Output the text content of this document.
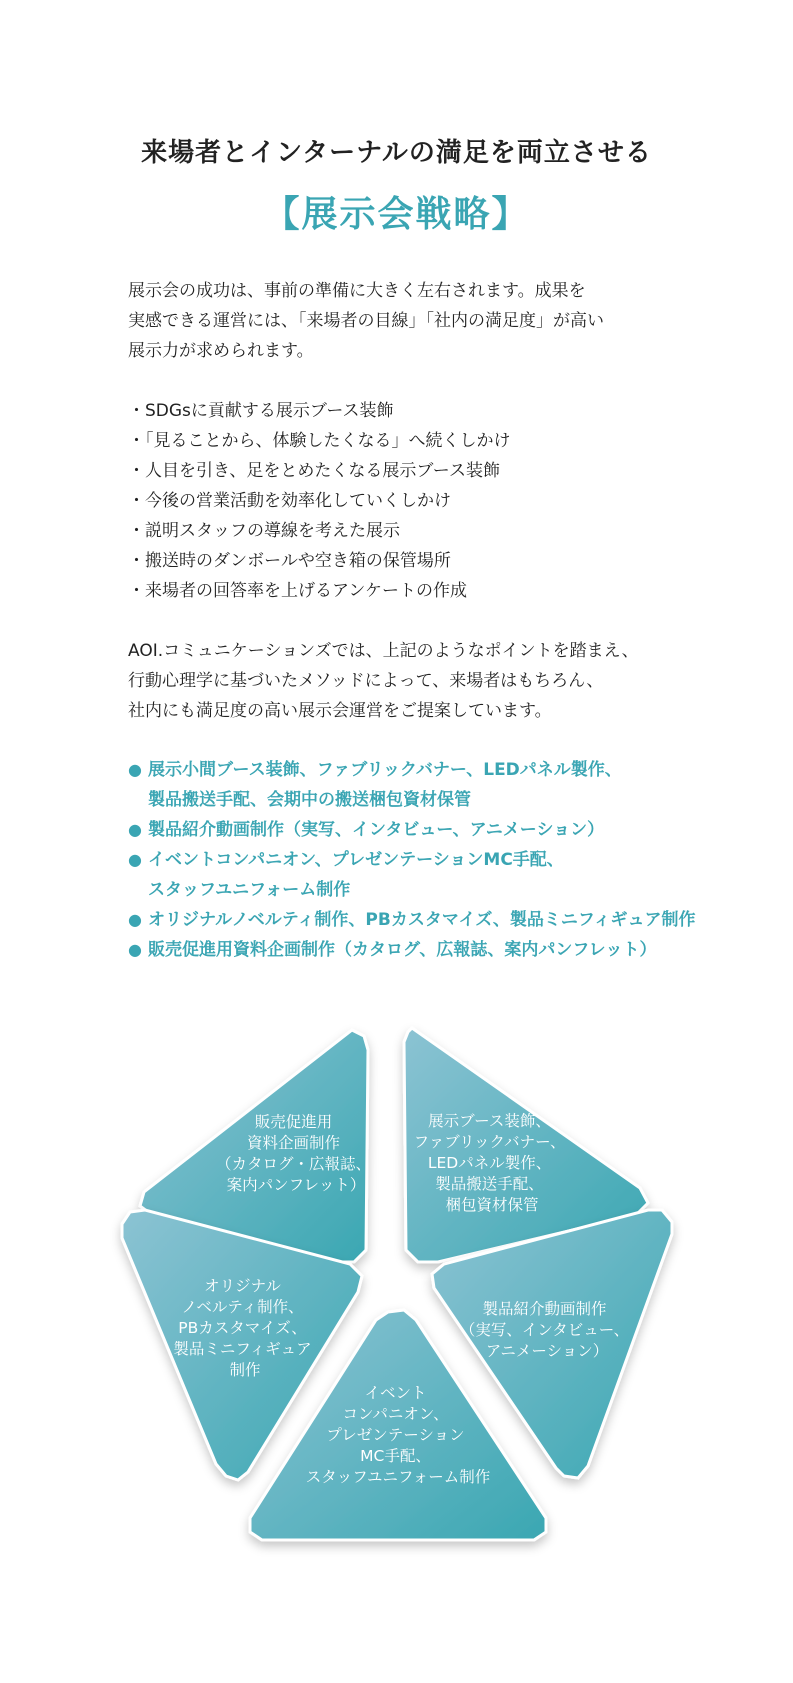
来場者とインターナルの満足を両立させる
【展示会戦略】

展示会の成功は、事前の準備に大きく左右されます。成果を

実感できる運営には、「来場者の目線」「社内の満足度」が高い

展示力が求められます。

・SDGsに貢献する展示ブース装飾
・「見ることから、体験したくなる」へ続くしかけ
・人目を引き、足をとめたくなる展示ブース装飾
・今後の営業活動を効率化していくしかけ
・説明スタッフの導線を考えた展示
・搬送時のダンボールや空き箱の保管場所
・来場者の回答率を上げるアンケートの作成

AOI.コミュニケーションズでは、上記のようなポイントを踏まえ、

行動心理学に基づいたメソッドによって、来場者はもちろん、

社内にも満足度の高い展示会運営をご提案しています。

● 展示小間ブース装飾、ファブリックバナー、LEDパネル製作、
製品搬送手配、会期中の搬送梱包資材保管
● 製品紹介動画制作（実写、インタビュー、アニメーション）
● イベントコンパニオン、プレゼンテーションMC手配、
スタッフユニフォーム制作
● オリジナルノベルティ制作、PBカスタマイズ、製品ミニフィギュア制作
● 販売促進用資料企画制作（カタログ、広報誌、案内パンフレット）
販売促進用 資料企画制作 （カタログ・広報誌、 案内パンフレット）
展示ブース装飾、 ファブリックバナー、 LEDパネル製作、 製品搬送手配、 梱包資材保管
オリジナル ノベルティ制作、 PBカスタマイズ、 製品ミニフィギュア 制作
製品紹介動画制作 （実写、インタビュー、 アニメーション）
イベント コンパニオン、 プレゼンテーション MC手配、 スタッフユニフォーム制作
